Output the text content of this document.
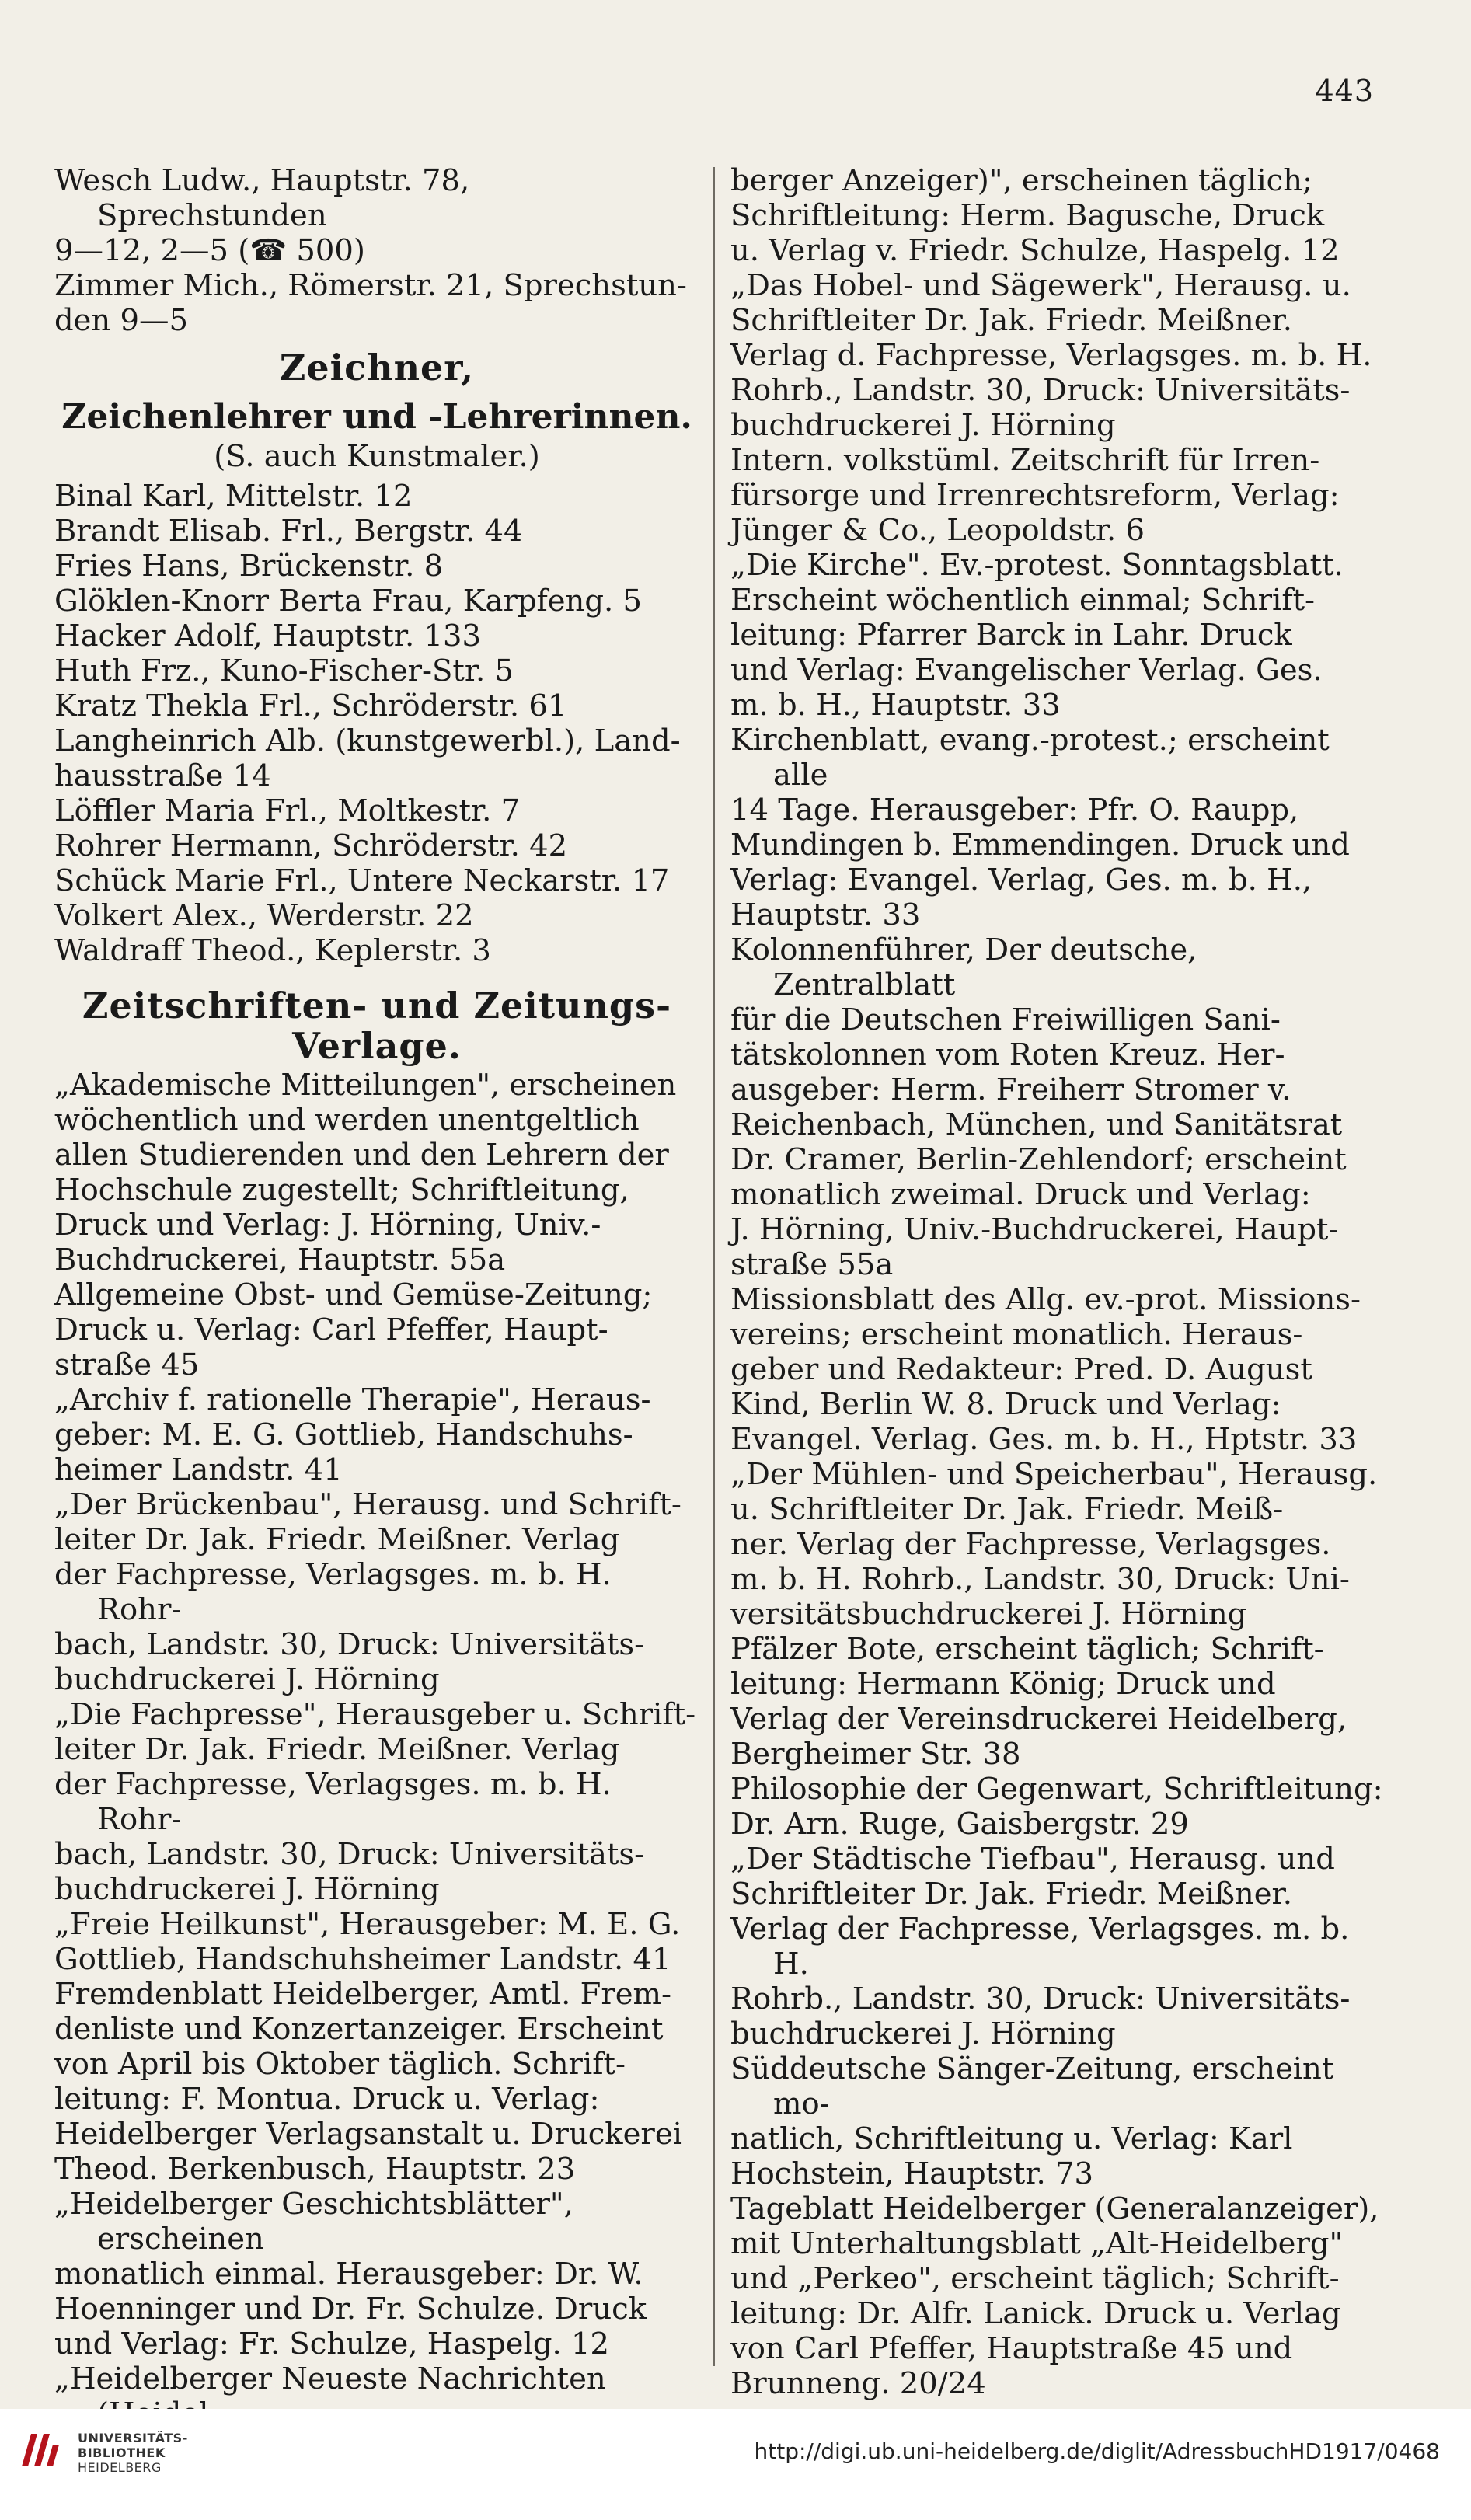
443
Wesch Ludw., Hauptstr. 78, Sprechstunden
9—12, 2—5 (☎ 500)
Zimmer Mich., Römerstr. 21, Sprechstun-
den 9—5
Zeichner,
Zeichenlehrer und -Lehrerinnen.
(S. auch Kunstmaler.)
Binal Karl, Mittelstr. 12
Brandt Elisab. Frl., Bergstr. 44
Fries Hans, Brückenstr. 8
Glöklen-Knorr Berta Frau, Karpfeng. 5
Hacker Adolf, Hauptstr. 133
Huth Frz., Kuno-Fischer-Str. 5
Kratz Thekla Frl., Schröderstr. 61
Langheinrich Alb. (kunstgewerbl.), Land-
hausstraße 14
Löffler Maria Frl., Moltkestr. 7
Rohrer Hermann, Schröderstr. 42
Schück Marie Frl., Untere Neckarstr. 17
Volkert Alex., Werderstr. 22
Waldraff Theod., Keplerstr. 3
Zeitschriften- und Zeitungs-Verlage.
„Akademische Mitteilungen", erscheinen
wöchentlich und werden unentgeltlich
allen Studierenden und den Lehrern der
Hochschule zugestellt; Schriftleitung,
Druck und Verlag: J. Hörning, Univ.-
Buchdruckerei, Hauptstr. 55a
Allgemeine Obst- und Gemüse-Zeitung;
Druck u. Verlag: Carl Pfeffer, Haupt-
straße 45
„Archiv f. rationelle Therapie", Heraus-
geber: M. E. G. Gottlieb, Handschuhs-
heimer Landstr. 41
„Der Brückenbau", Herausg. und Schrift-
leiter Dr. Jak. Friedr. Meißner. Verlag
der Fachpresse, Verlagsges. m. b. H. Rohr-
bach, Landstr. 30, Druck: Universitäts-
buchdruckerei J. Hörning
„Die Fachpresse", Herausgeber u. Schrift-
leiter Dr. Jak. Friedr. Meißner. Verlag
der Fachpresse, Verlagsges. m. b. H. Rohr-
bach, Landstr. 30, Druck: Universitäts-
buchdruckerei J. Hörning
„Freie Heilkunst", Herausgeber: M. E. G.
Gottlieb, Handschuhsheimer Landstr. 41
Fremdenblatt Heidelberger, Amtl. Frem-
denliste und Konzertanzeiger. Erscheint
von April bis Oktober täglich. Schrift-
leitung: F. Montua. Druck u. Verlag:
Heidelberger Verlagsanstalt u. Druckerei
Theod. Berkenbusch, Hauptstr. 23
„Heidelberger Geschichtsblätter", erscheinen
monatlich einmal. Herausgeber: Dr. W.
Hoenninger und Dr. Fr. Schulze. Druck
und Verlag: Fr. Schulze, Haspelg. 12
„Heidelberger Neueste Nachrichten
berger Anzeiger)", erscheinen täglich;
Schriftleitung: Herm. Bagusche, Druck
u. Verlag v. Friedr. Schulze, Haspelg. 12
„Das Hobel- und Sägewerk", Herausg. u.
Schriftleiter Dr. Jak. Friedr. Meißner.
Verlag d. Fachpresse, Verlagsges. m. b. H.
Rohrb., Landstr. 30, Druck: Universitäts-
buchdruckerei J. Hörning
Intern. volkstüml. Zeitschrift für Irren-
fürsorge und Irrenrechtsreform, Verlag:
Jünger & Co., Leopoldstr. 6
„Die Kirche". Ev.-protest. Sonntagsblatt.
Erscheint wöchentlich einmal; Schrift-
leitung: Pfarrer Barck in Lahr. Druck
und Verlag: Evangelischer Verlag. Ges.
m. b. H., Hauptstr. 33
Kirchenblatt, evang.-protest.; erscheint alle
14 Tage. Herausgeber: Pfr. O. Raupp,
Mundingen b. Emmendingen. Druck und
Verlag: Evangel. Verlag, Ges. m. b. H.,
Hauptstr. 33
Kolonnenführer, Der deutsche, Zentralblatt
für die Deutschen Freiwilligen Sani-
tätskolonnen vom Roten Kreuz. Her-
ausgeber: Herm. Freiherr Stromer v.
Reichenbach, München, und Sanitätsrat
Dr. Cramer, Berlin-Zehlendorf; erscheint
monatlich zweimal. Druck und Verlag:
J. Hörning, Univ.-Buchdruckerei, Haupt-
straße 55a
Missionsblatt des Allg. ev.-prot. Missions-
vereins; erscheint monatlich. Heraus-
geber und Redakteur: Pred. D. August
Kind, Berlin W. 8. Druck und Verlag:
Evangel. Verlag. Ges. m. b. H., Hptstr. 33
„Der Mühlen- und Speicherbau", Herausg.
u. Schriftleiter Dr. Jak. Friedr. Meiß-
ner. Verlag der Fachpresse, Verlagsges.
m. b. H. Rohrb., Landstr. 30, Druck: Uni-
versitätsbuchdruckerei J. Hörning
Pfälzer Bote, erscheint täglich; Schrift-
leitung: Hermann König; Druck und
Verlag der Vereinsdruckerei Heidelberg,
Bergheimer Str. 38
Philosophie der Gegenwart, Schriftleitung:
Dr. Arn. Ruge, Gaisbergstr. 29
„Der Städtische Tiefbau", Herausg. und
Schriftleiter Dr. Jak. Friedr. Meißner.
Verlag der Fachpresse, Verlagsges. m. b. H.
Rohrb., Landstr. 30, Druck: Universitäts-
buchdruckerei J. Hörning
Süddeutsche Sänger-Zeitung, erscheint mo-
natlich, Schriftleitung u. Verlag: Karl
Hochstein, Hauptstr. 73
Tageblatt Heidelberger (Generalanzeiger),
mit Unterhaltungsblatt „Alt-Heidelberg"
und „Perkeo", erscheint täglich; Schrift-
leitung: Dr. Alfr. Lanick. Druck u. Verlag
von Carl Pfeffer, Hauptstraße 45 und
Brunneng. 20/24
UNIVERSITÄTS-
BIBLIOTHEK
HEIDELBERG
http://digi.ub.uni-heidelberg.de/diglit/AdressbuchHD1917/0468
